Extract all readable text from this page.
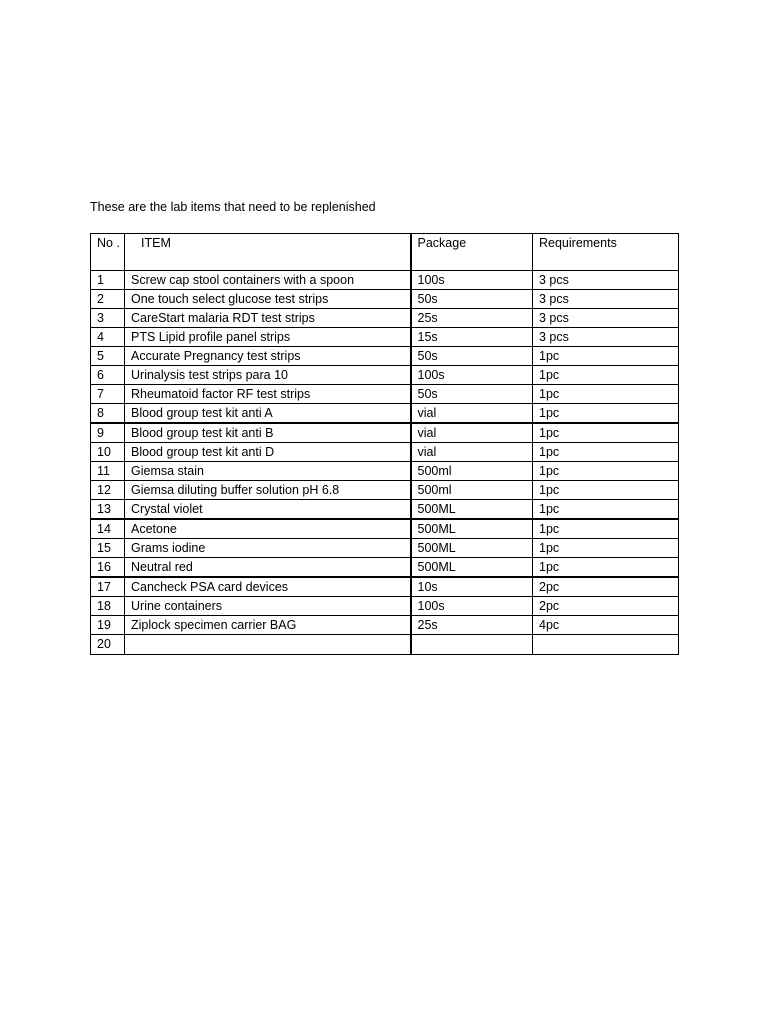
These are the lab items that need to be replenished

No .	ITEM	Package	Requirements
1	Screw cap stool containers with a spoon	100s	3 pcs
2	One touch select glucose test strips	50s	3 pcs
3	CareStart malaria RDT test strips	25s	3 pcs
4	PTS Lipid profile panel strips	15s	3 pcs
5	Accurate Pregnancy test strips	50s	1pc
6	Urinalysis test strips para 10	100s	1pc
7	Rheumatoid factor RF test strips	50s	1pc
8	Blood group test kit anti A	vial	1pc
9	Blood group test kit anti B	vial	1pc
10	Blood group test kit anti D	vial	1pc
11	Giemsa stain	500ml	1pc
12	Giemsa diluting buffer solution pH 6.8	500ml	1pc
13	Crystal violet	500ML	1pc
14	Acetone	500ML	1pc
15	Grams iodine	500ML	1pc
16	Neutral red	500ML	1pc
17	Cancheck PSA card devices	10s	2pc
18	Urine containers	100s	2pc
19	Ziplock specimen carrier BAG	25s	4pc
20			
